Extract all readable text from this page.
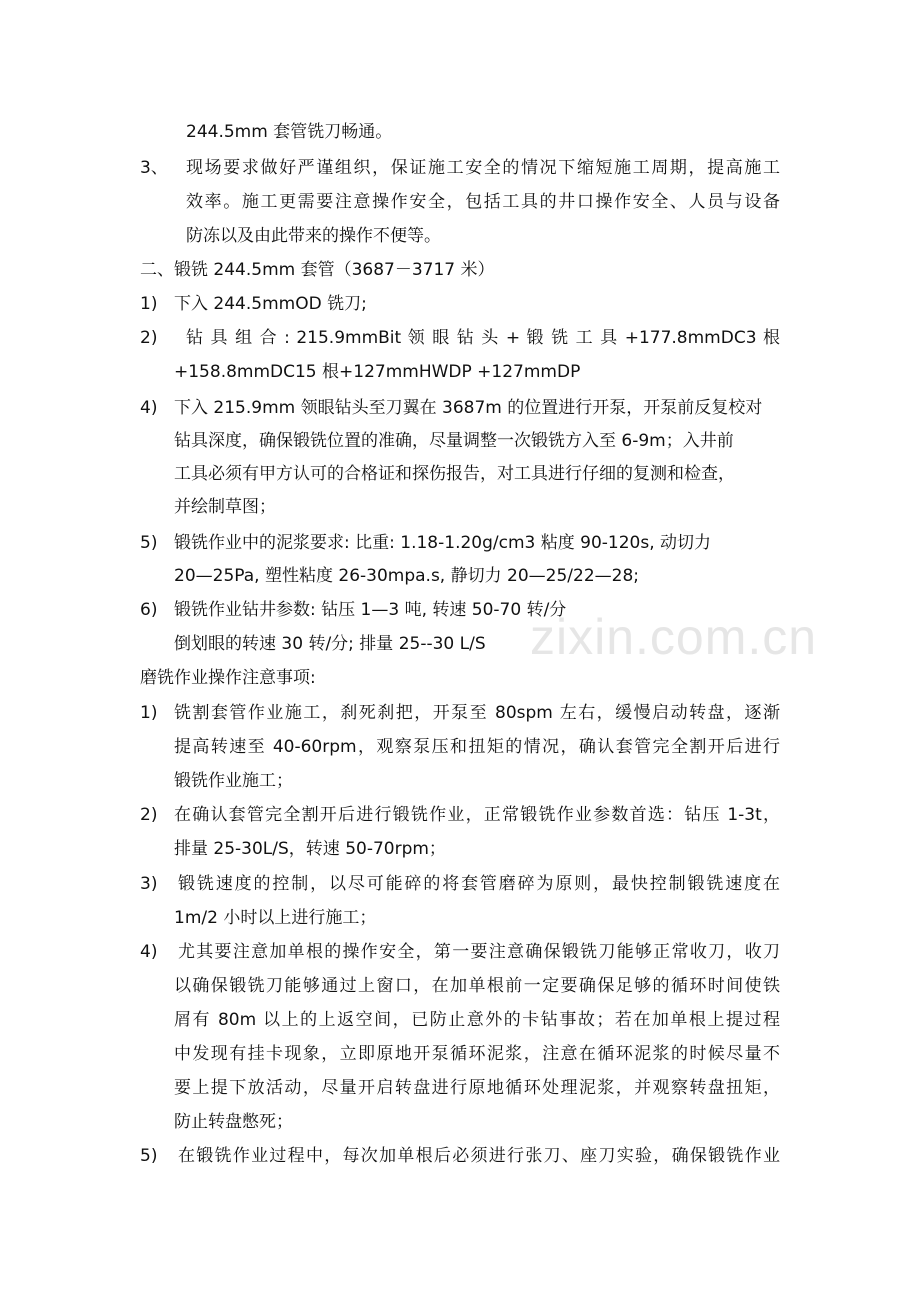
zixin.com.cn
244.5mm 套管铣刀畅通。
3、 现场要求做好严谨组织，保证施工安全的情况下缩短施工周期，提高施工
效率。施工更需要注意操作安全，包括工具的井口操作安全、人员与设备
防冻以及由此带来的操作不便等。
二、锻铣 244.5mm 套管（3687－3717 米）
1) 下入 244.5mmOD 铣刀;
2) 钻 具 组 合 : 215.9mmBit 领 眼 钻 头 + 锻 铣 工 具 +177.8mmDC3 根
+158.8mmDC15 根+127mmHWDP +127mmDP
4) 下入 215.9mm 领眼钻头至刀翼在 3687m 的位置进行开泵，开泵前反复校对
钻具深度，确保锻铣位置的准确，尽量调整一次锻铣方入至 6-9m；入井前
工具必须有甲方认可的合格证和探伤报告，对工具进行仔细的复测和检查，
并绘制草图；
5) 锻铣作业中的泥浆要求: 比重: 1.18-1.20g/cm3 粘度 90-120s, 动切力
20—25Pa, 塑性粘度 26-30mpa.s, 静切力 20—25/22—28;
6) 锻铣作业钻井参数: 钻压 1—3 吨, 转速 50-70 转/分
倒划眼的转速 30 转/分; 排量 25--30 L/S
磨铣作业操作注意事项:
1) 铣割套管作业施工，刹死刹把，开泵至 80spm 左右，缓慢启动转盘，逐渐
提高转速至 40-60rpm，观察泵压和扭矩的情况，确认套管完全割开后进行
锻铣作业施工；
2) 在确认套管完全割开后进行锻铣作业，正常锻铣作业参数首选：钻压 1-3t，
排量 25-30L/S，转速 50-70rpm；
3) 锻铣速度的控制，以尽可能碎的将套管磨碎为原则，最快控制锻铣速度在
1m/2 小时以上进行施工；
4) 尤其要注意加单根的操作安全，第一要注意确保锻铣刀能够正常收刀，收刀
以确保锻铣刀能够通过上窗口，在加单根前一定要确保足够的循环时间使铁
屑有 80m 以上的上返空间，已防止意外的卡钻事故；若在加单根上提过程
中发现有挂卡现象，立即原地开泵循环泥浆，注意在循环泥浆的时候尽量不
要上提下放活动，尽量开启转盘进行原地循环处理泥浆，并观察转盘扭矩，
防止转盘憋死；
5) 在锻铣作业过程中，每次加单根后必须进行张刀、座刀实验，确保锻铣作业
